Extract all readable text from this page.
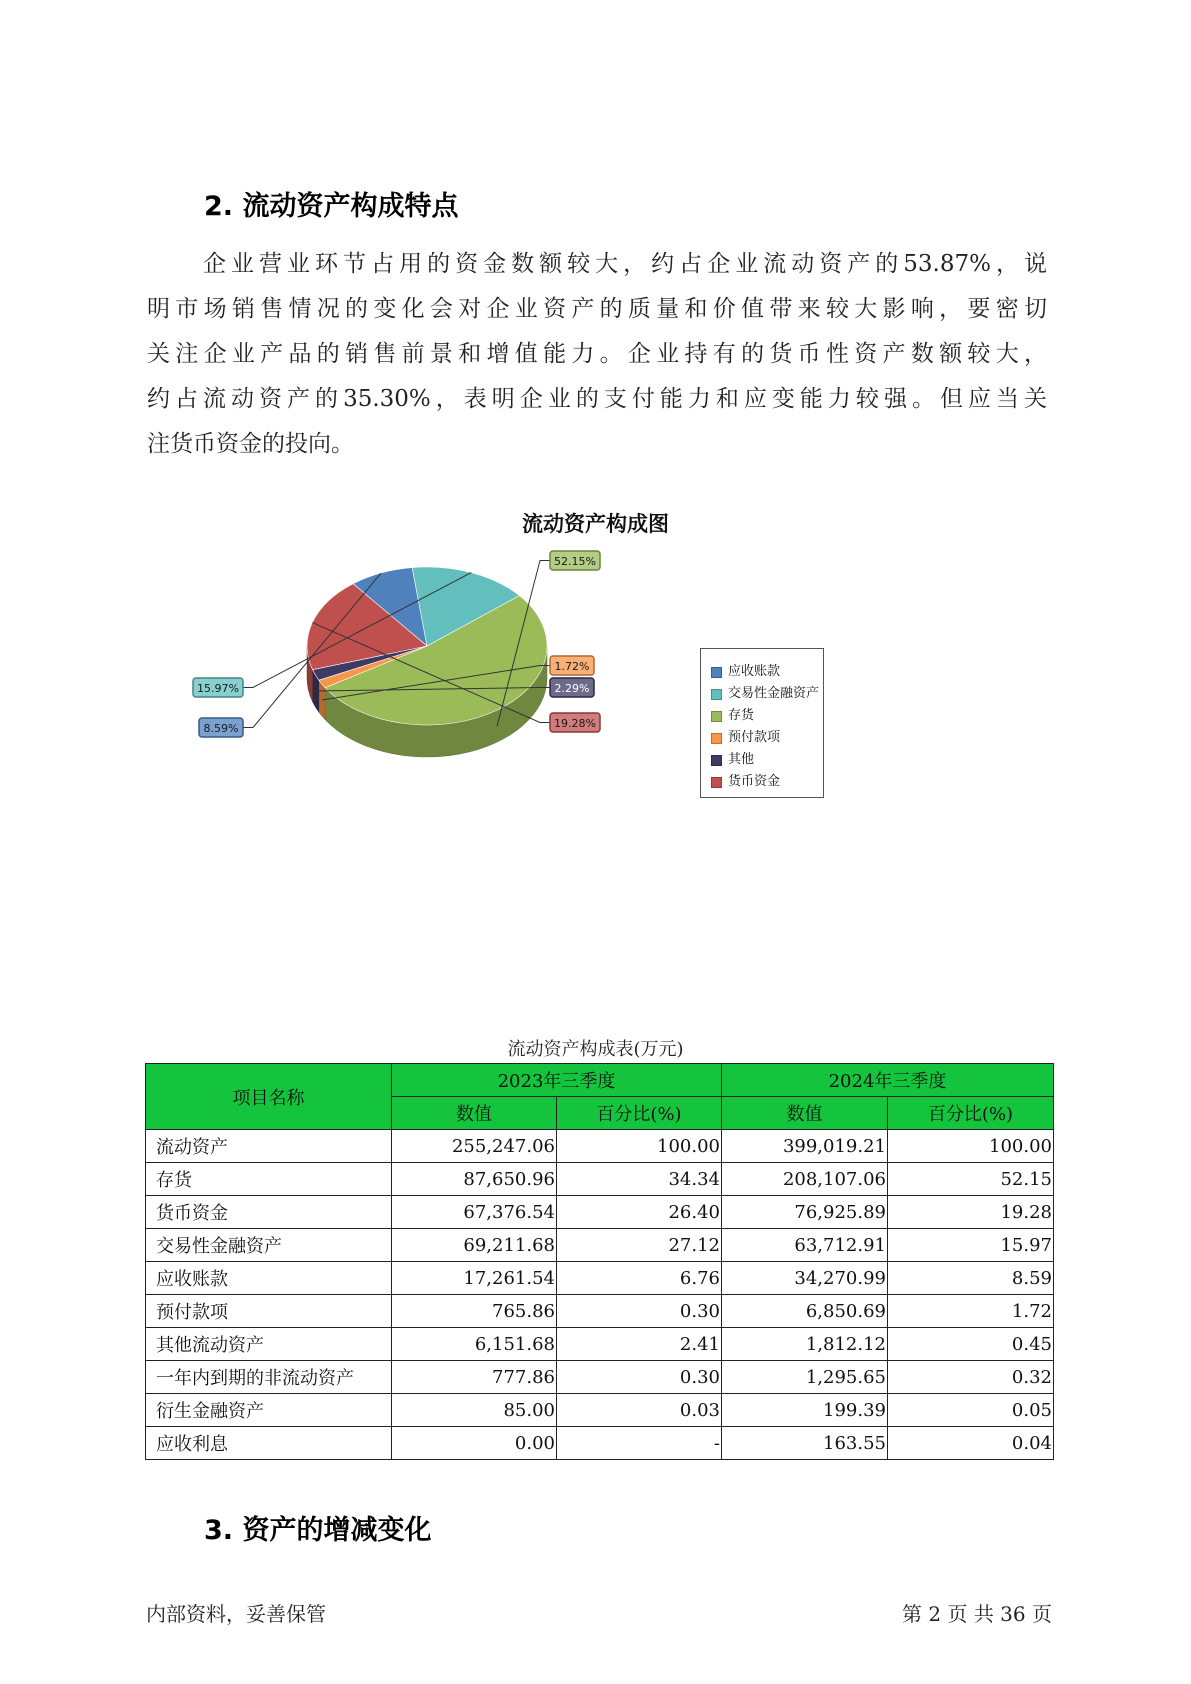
2. 流动资产构成特点
企业营业环节占用的资金数额较大，约占企业流动资产的53.87%，说
明市场销售情况的变化会对企业资产的质量和价值带来较大影响，要密切
关注企业产品的销售前景和增值能力。企业持有的货币性资产数额较大，
约占流动资产的35.30%，表明企业的支付能力和应变能力较强。但应当关
注货币资金的投向。
流动资产构成图
8.59%
15.97%
52.15%
1.72%
2.29%
19.28%
应收账款
交易性金融资产
存货
预付款项
其他
货币资金
流动资产构成表(万元)
项目名称	2023年三季度		2024年三季度	
	数值	百分比(%)	数值	百分比(%)
流动资产	255,247.06	100.00	399,019.21	100.00
存货	87,650.96	34.34	208,107.06	52.15
货币资金	67,376.54	26.40	76,925.89	19.28
交易性金融资产	69,211.68	27.12	63,712.91	15.97
应收账款	17,261.54	6.76	34,270.99	8.59
预付款项	765.86	0.30	6,850.69	1.72
其他流动资产	6,151.68	2.41	1,812.12	0.45
一年内到期的非流动资产	777.86	0.30	1,295.65	0.32
衍生金融资产	85.00	0.03	199.39	0.05
应收利息	0.00	-	163.55	0.04
3. 资产的增减变化
内部资料，妥善保管	第 2 页 共 36 页
